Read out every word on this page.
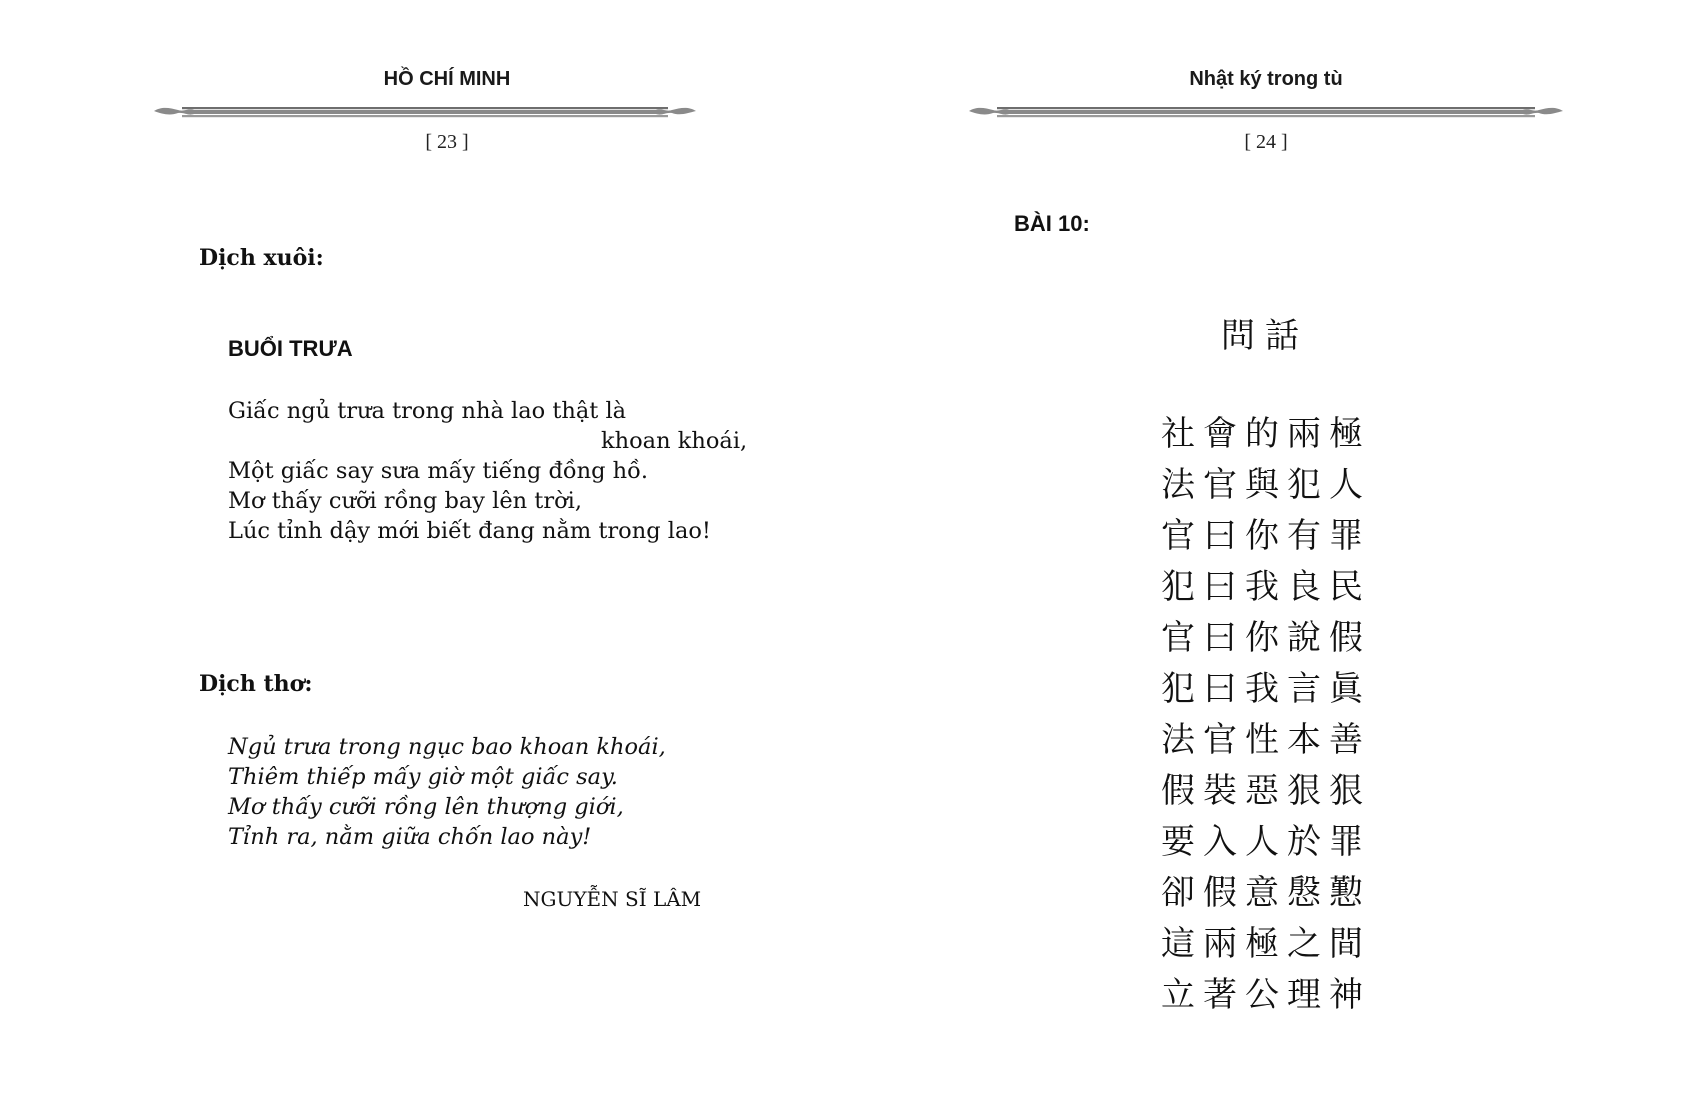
HỒ CHÍ MINH
[ 23 ]
Dịch xuôi:
BUỔI TRƯA
Giấc ngủ trưa trong nhà lao thật là
khoan khoái,
Một giấc say sưa mấy tiếng đồng hồ.
Mơ thấy cưỡi rồng bay lên trời,
Lúc tỉnh dậy mới biết đang nằm trong lao!
Dịch thơ:
Ngủ trưa trong ngục bao khoan khoái,
Thiêm thiếp mấy giờ một giấc say.
Mơ thấy cưỡi rồng lên thượng giới,
Tỉnh ra, nằm giữa chốn lao này!
NGUYỄN SĨ LÂM
Nhật ký trong tù
[ 24 ]
BÀI 10:
問話
社會的兩極
法官與犯人
官曰你有罪
犯曰我良民
官曰你說假
犯曰我言眞
法官性本善
假裝惡狠狠
要入人於罪
卻假意慇懃
這兩極之間
立著公理神
